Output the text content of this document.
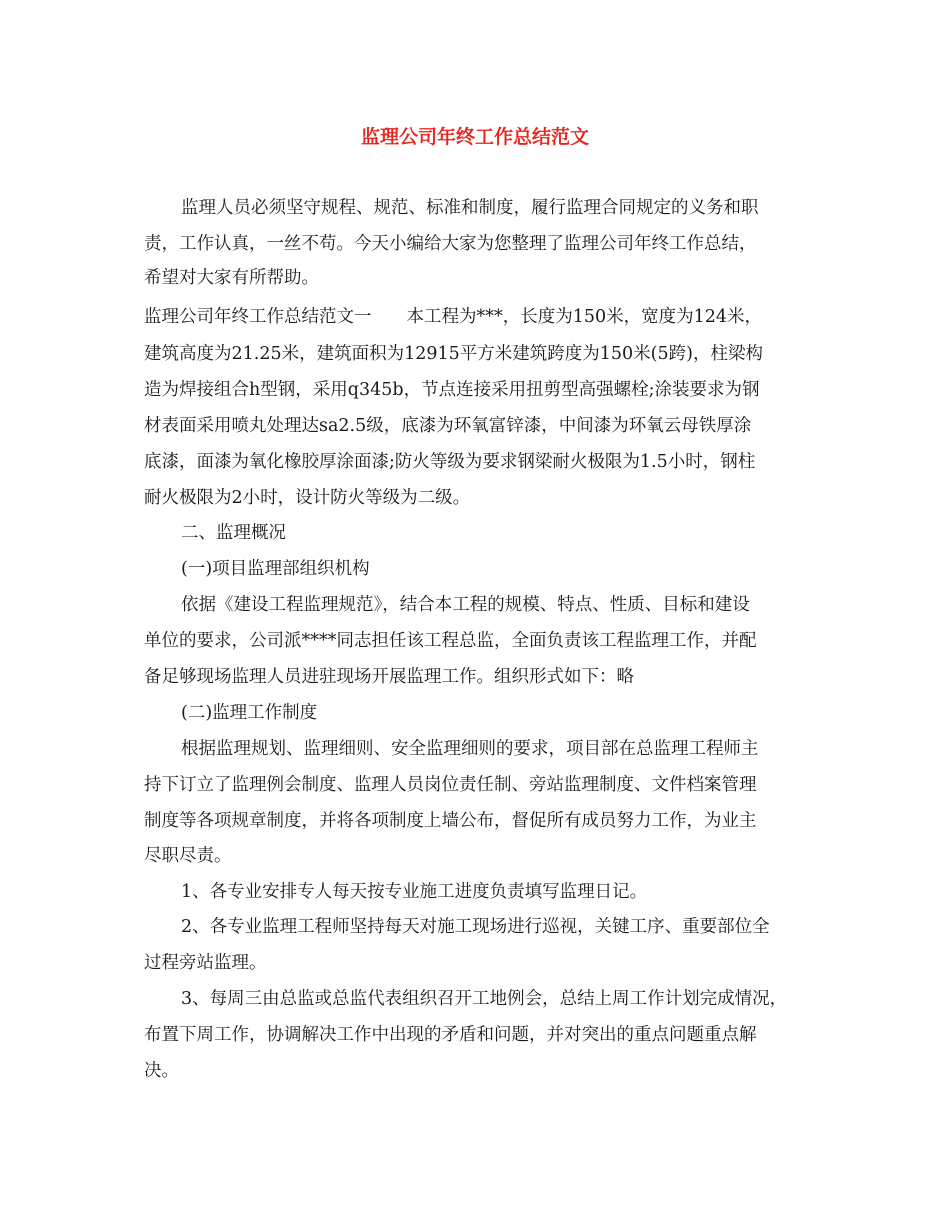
监理公司年终工作总结范文
监理人员必须坚守规程、规范、标准和制度，履行监理合同规定的义务和职
责，工作认真，一丝不苟。今天小编给大家为您整理了监理公司年终工作总结，
希望对大家有所帮助。
监理公司年终工作总结范文一　　本工程为***，长度为150米，宽度为124米，
建筑高度为21.25米，建筑面积为12915平方米建筑跨度为150米(5跨)，柱梁构
造为焊接组合h型钢，采用q345b，节点连接采用扭剪型高强螺栓;涂装要求为钢
材表面采用喷丸处理达sa2.5级，底漆为环氧富锌漆，中间漆为环氧云母铁厚涂
底漆，面漆为氧化橡胶厚涂面漆;防火等级为要求钢梁耐火极限为1.5小时，钢柱
耐火极限为2小时，设计防火等级为二级。
二、监理概况
(一)项目监理部组织机构
依据《建设工程监理规范》，结合本工程的规模、特点、性质、目标和建设
单位的要求，公司派****同志担任该工程总监，全面负责该工程监理工作，并配
备足够现场监理人员进驻现场开展监理工作。组织形式如下：略
(二)监理工作制度
根据监理规划、监理细则、安全监理细则的要求，项目部在总监理工程师主
持下订立了监理例会制度、监理人员岗位责任制、旁站监理制度、文件档案管理
制度等各项规章制度，并将各项制度上墙公布，督促所有成员努力工作，为业主
尽职尽责。
1、各专业安排专人每天按专业施工进度负责填写监理日记。
2、各专业监理工程师坚持每天对施工现场进行巡视，关键工序、重要部位全
过程旁站监理。
3、每周三由总监或总监代表组织召开工地例会，总结上周工作计划完成情况，
布置下周工作，协调解决工作中出现的矛盾和问题，并对突出的重点问题重点解
决。
